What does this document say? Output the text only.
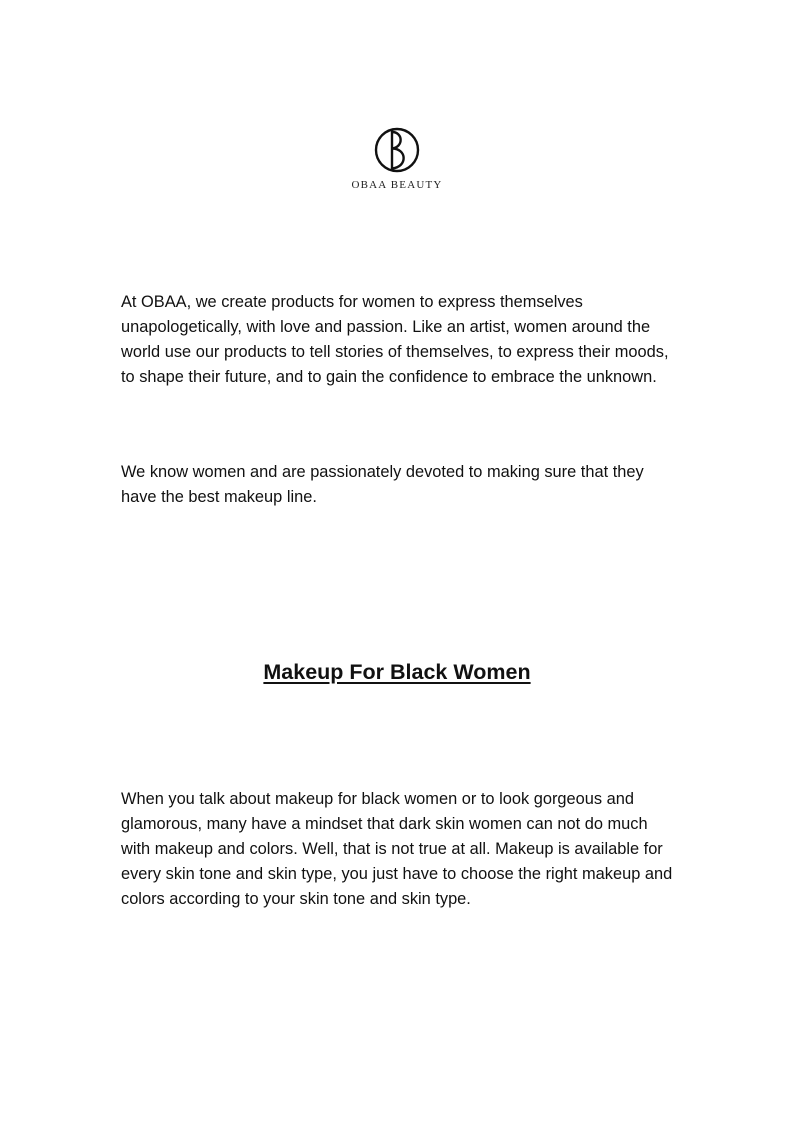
OBAA BEAUTY

At OBAA, we create products for women to express themselves unapologetically, with love and passion. Like an artist, women around the world use our products to tell stories of themselves, to express their moods, to shape their future, and to gain the confidence to embrace the unknown.

We know women and are passionately devoted to making sure that they have the best makeup line.

Makeup For Black Women

When you talk about makeup for black women or to look gorgeous and glamorous, many have a mindset that dark skin women can not do much with makeup and colors. Well, that is not true at all. Makeup is available for every skin tone and skin type, you just have to choose the right makeup and colors according to your skin tone and skin type.
